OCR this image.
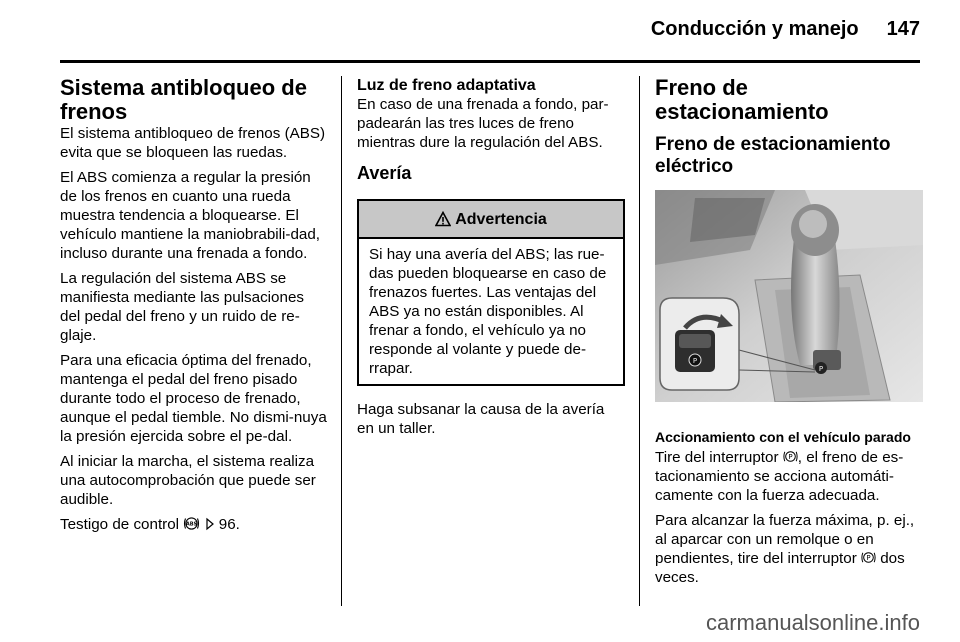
Conducción y manejo 147
Sistema antibloqueo de frenos

El sistema antibloqueo de frenos (ABS) evita que se bloqueen las ruedas.

El ABS comienza a regular la presión de los frenos en cuanto una rueda muestra tendencia a bloquearse. El vehículo mantiene la maniobrabili-dad, incluso durante una frenada a fondo.

La regulación del sistema ABS se manifiesta mediante las pulsaciones del pedal del freno y un ruido de re-glaje.

Para una eficacia óptima del frenado, mantenga el pedal del freno pisado durante todo el proceso de frenado, aunque el pedal tiemble. No dismi-nuya la presión ejercida sobre el pe-dal.

Al iniciar la marcha, el sistema realiza una autocomprobación que puede ser audible.

Testigo de control ABS 96.

Luz de freno adaptativa

En caso de una frenada a fondo, par-padearán las tres luces de freno mientras dure la regulación del ABS.

Avería
Advertencia
Si hay una avería del ABS; las rue-das pueden bloquearse en caso de frenazos fuertes. Las ventajas del ABS ya no están disponibles. Al frenar a fondo, el vehículo ya no responde al volante y puede de-rrapar.

Haga subsanar la causa de la avería en un taller.

Freno de estacionamiento
Freno de estacionamiento eléctrico
P
P
Accionamiento con el vehículo parado

Tire del interruptor P , el freno de es-tacionamiento se acciona automáti-camente con la fuerza adecuada.

Para alcanzar la fuerza máxima, p. ej., al aparcar con un remolque o en pendientes, tire del interruptor P dos veces.

carmanualsonline.info
